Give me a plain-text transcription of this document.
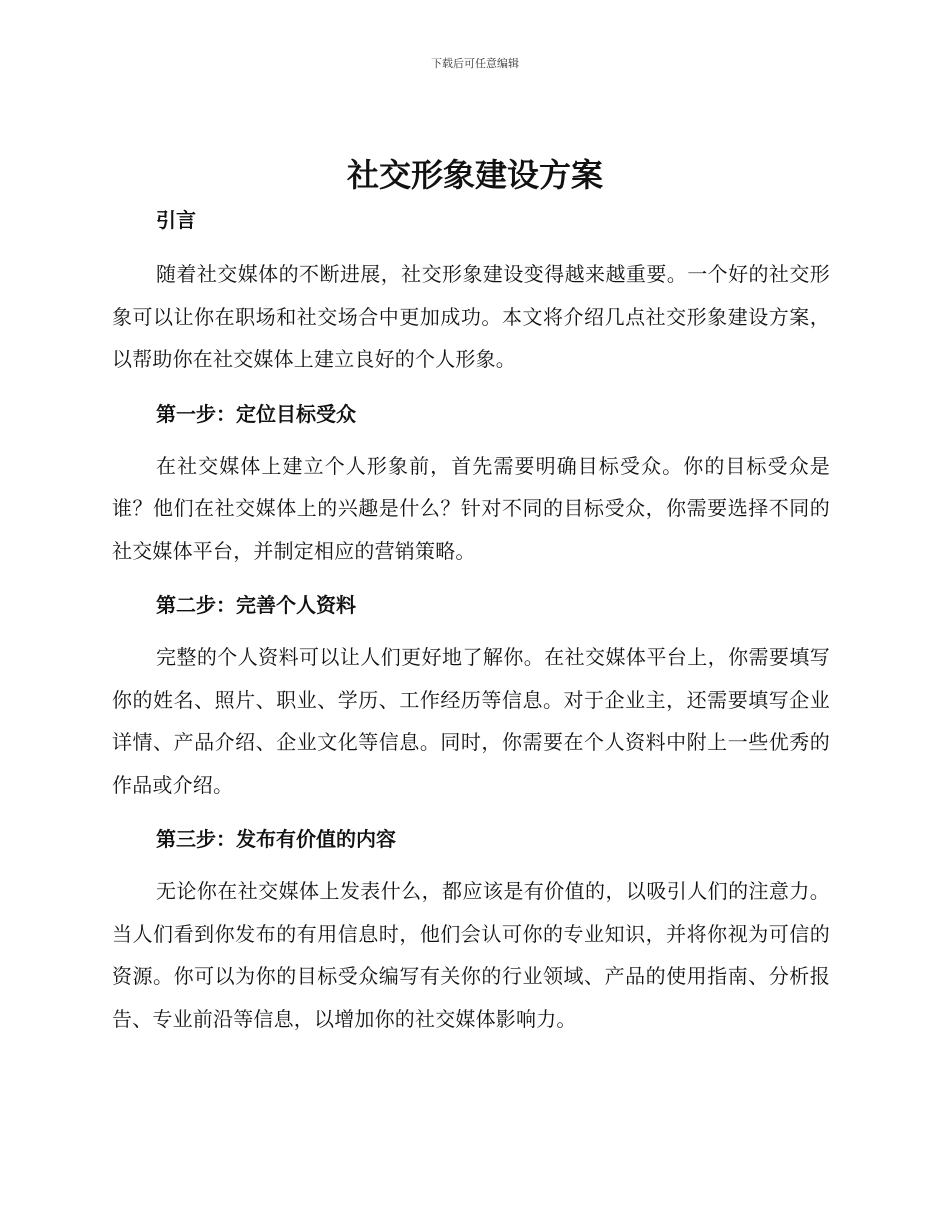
下载后可任意编辑
社交形象建设方案
引言

随着社交媒体的不断进展，社交形象建设变得越来越重要。一个好的社交形象可以让你在职场和社交场合中更加成功。本文将介绍几点社交形象建设方案，以帮助你在社交媒体上建立良好的个人形象。

第一步：定位目标受众

在社交媒体上建立个人形象前，首先需要明确目标受众。你的目标受众是谁？他们在社交媒体上的兴趣是什么？针对不同的目标受众，你需要选择不同的社交媒体平台，并制定相应的营销策略。

第二步：完善个人资料

完整的个人资料可以让人们更好地了解你。在社交媒体平台上，你需要填写你的姓名、照片、职业、学历、工作经历等信息。对于企业主，还需要填写企业详情、产品介绍、企业文化等信息。同时，你需要在个人资料中附上一些优秀的作品或介绍。

第三步：发布有价值的内容

无论你在社交媒体上发表什么，都应该是有价值的，以吸引人们的注意力。当人们看到你发布的有用信息时，他们会认可你的专业知识，并将你视为可信的资源。你可以为你的目标受众编写有关你的行业领域、产品的使用指南、分析报告、专业前沿等信息，以增加你的社交媒体影响力。
